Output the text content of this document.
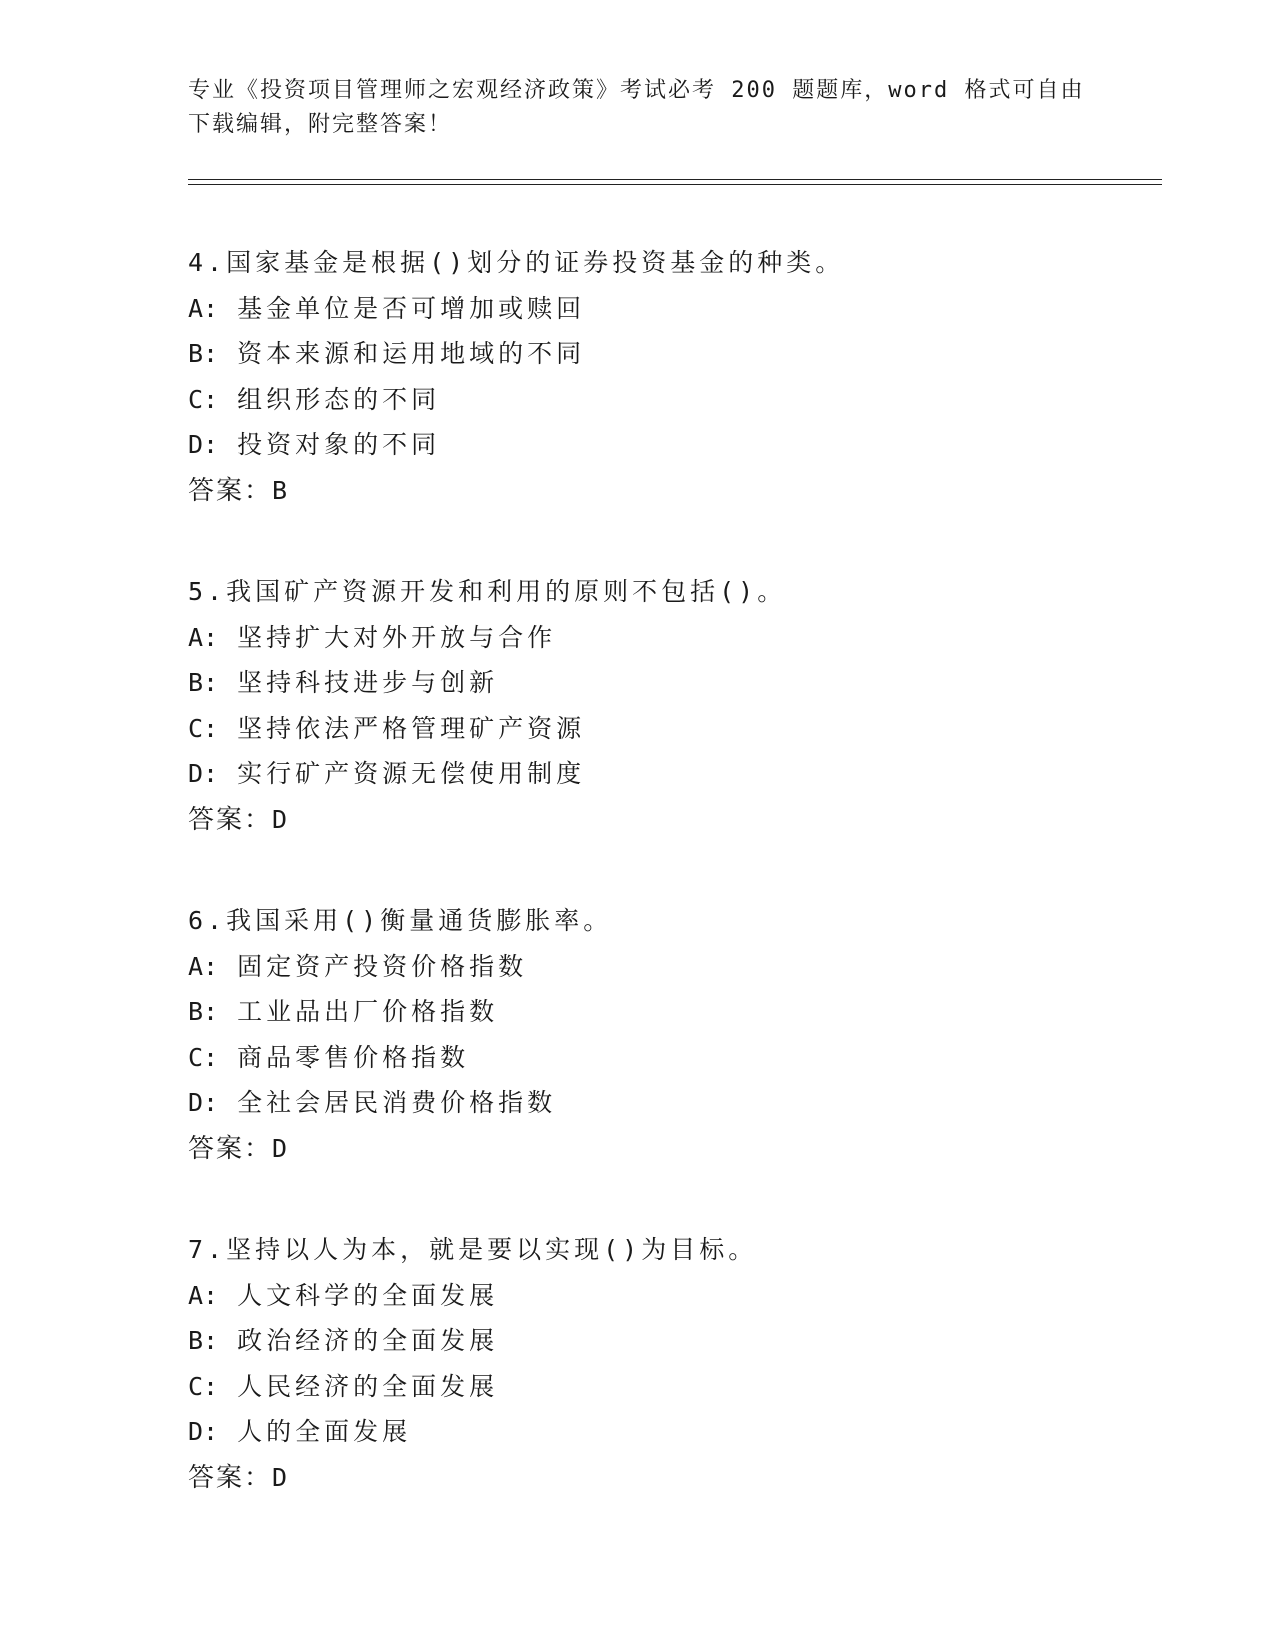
专业《投资项目管理师之宏观经济政策》考试必考 200 题题库，word 格式可自由
下载编辑，附完整答案！
4.国家基金是根据()划分的证券投资基金的种类。
A: 基金单位是否可增加或赎回
B: 资本来源和运用地域的不同
C: 组织形态的不同
D: 投资对象的不同
答案：B
5.我国矿产资源开发和利用的原则不包括()。
A: 坚持扩大对外开放与合作
B: 坚持科技进步与创新
C: 坚持依法严格管理矿产资源
D: 实行矿产资源无偿使用制度
答案：D
6.我国采用()衡量通货膨胀率。
A: 固定资产投资价格指数
B: 工业品出厂价格指数
C: 商品零售价格指数
D: 全社会居民消费价格指数
答案：D
7.坚持以人为本，就是要以实现()为目标。
A: 人文科学的全面发展
B: 政治经济的全面发展
C: 人民经济的全面发展
D: 人的全面发展
答案：D
